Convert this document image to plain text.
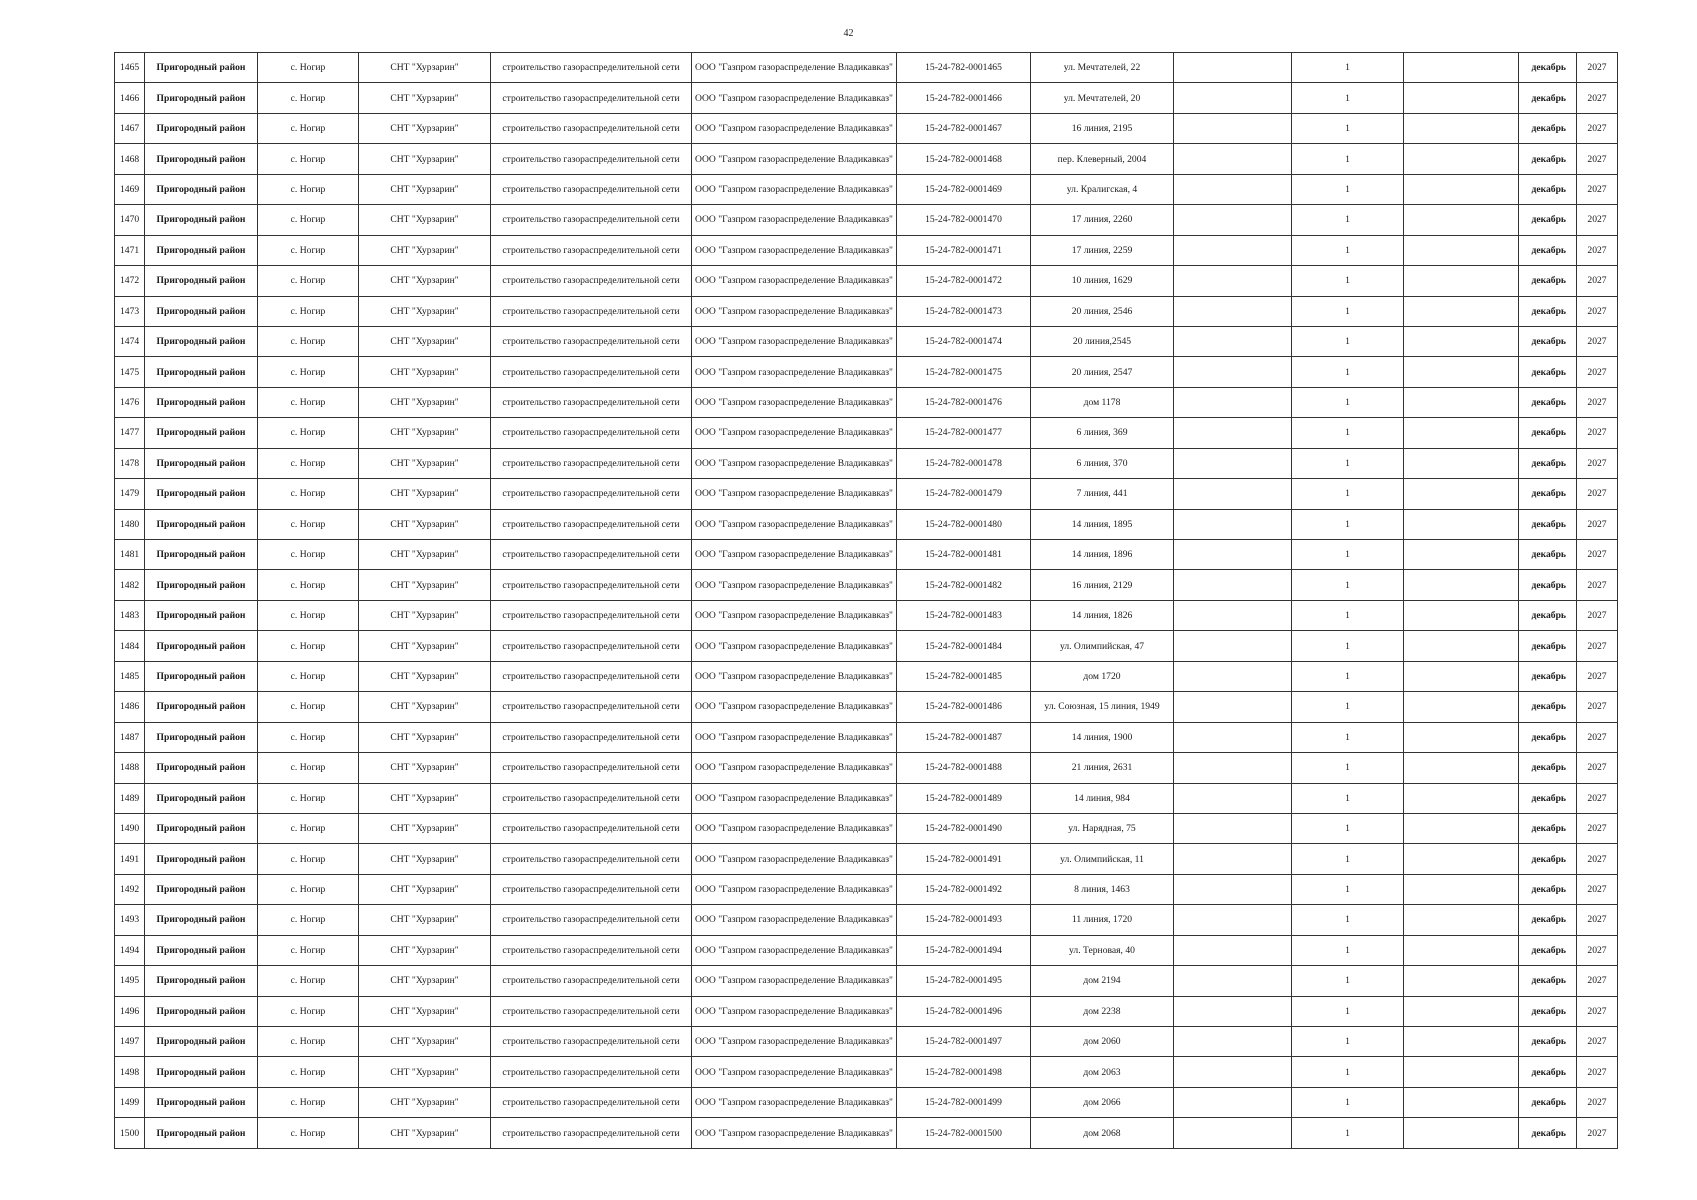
42
1465	Пригородный район	с. Ногир	СНТ "Хурзарин"	строительство газораспределительной сети	ООО "Газпром газораспределение Владикавказ"	15-24-782-0001465	ул. Мечтателей, 22		1		декабрь	2027
1466	Пригородный район	с. Ногир	СНТ "Хурзарин"	строительство газораспределительной сети	ООО "Газпром газораспределение Владикавказ"	15-24-782-0001466	ул. Мечтателей, 20		1		декабрь	2027
1467	Пригородный район	с. Ногир	СНТ "Хурзарин"	строительство газораспределительной сети	ООО "Газпром газораспределение Владикавказ"	15-24-782-0001467	16 линия, 2195		1		декабрь	2027
1468	Пригородный район	с. Ногир	СНТ "Хурзарин"	строительство газораспределительной сети	ООО "Газпром газораспределение Владикавказ"	15-24-782-0001468	пер. Клеверный, 2004		1		декабрь	2027
1469	Пригородный район	с. Ногир	СНТ "Хурзарин"	строительство газораспределительной сети	ООО "Газпром газораспределение Владикавказ"	15-24-782-0001469	ул. Кралигская, 4		1		декабрь	2027
1470	Пригородный район	с. Ногир	СНТ "Хурзарин"	строительство газораспределительной сети	ООО "Газпром газораспределение Владикавказ"	15-24-782-0001470	17 линия, 2260		1		декабрь	2027
1471	Пригородный район	с. Ногир	СНТ "Хурзарин"	строительство газораспределительной сети	ООО "Газпром газораспределение Владикавказ"	15-24-782-0001471	17 линия, 2259		1		декабрь	2027
1472	Пригородный район	с. Ногир	СНТ "Хурзарин"	строительство газораспределительной сети	ООО "Газпром газораспределение Владикавказ"	15-24-782-0001472	10 линия, 1629		1		декабрь	2027
1473	Пригородный район	с. Ногир	СНТ "Хурзарин"	строительство газораспределительной сети	ООО "Газпром газораспределение Владикавказ"	15-24-782-0001473	20 линия, 2546		1		декабрь	2027
1474	Пригородный район	с. Ногир	СНТ "Хурзарин"	строительство газораспределительной сети	ООО "Газпром газораспределение Владикавказ"	15-24-782-0001474	20 линия,2545		1		декабрь	2027
1475	Пригородный район	с. Ногир	СНТ "Хурзарин"	строительство газораспределительной сети	ООО "Газпром газораспределение Владикавказ"	15-24-782-0001475	20 линия, 2547		1		декабрь	2027
1476	Пригородный район	с. Ногир	СНТ "Хурзарин"	строительство газораспределительной сети	ООО "Газпром газораспределение Владикавказ"	15-24-782-0001476	дом 1178		1		декабрь	2027
1477	Пригородный район	с. Ногир	СНТ "Хурзарин"	строительство газораспределительной сети	ООО "Газпром газораспределение Владикавказ"	15-24-782-0001477	6 линия, 369		1		декабрь	2027
1478	Пригородный район	с. Ногир	СНТ "Хурзарин"	строительство газораспределительной сети	ООО "Газпром газораспределение Владикавказ"	15-24-782-0001478	6 линия, 370		1		декабрь	2027
1479	Пригородный район	с. Ногир	СНТ "Хурзарин"	строительство газораспределительной сети	ООО "Газпром газораспределение Владикавказ"	15-24-782-0001479	7 линия, 441		1		декабрь	2027
1480	Пригородный район	с. Ногир	СНТ "Хурзарин"	строительство газораспределительной сети	ООО "Газпром газораспределение Владикавказ"	15-24-782-0001480	14 линия, 1895		1		декабрь	2027
1481	Пригородный район	с. Ногир	СНТ "Хурзарин"	строительство газораспределительной сети	ООО "Газпром газораспределение Владикавказ"	15-24-782-0001481	14 линия, 1896		1		декабрь	2027
1482	Пригородный район	с. Ногир	СНТ "Хурзарин"	строительство газораспределительной сети	ООО "Газпром газораспределение Владикавказ"	15-24-782-0001482	16 линия, 2129		1		декабрь	2027
1483	Пригородный район	с. Ногир	СНТ "Хурзарин"	строительство газораспределительной сети	ООО "Газпром газораспределение Владикавказ"	15-24-782-0001483	14 линия, 1826		1		декабрь	2027
1484	Пригородный район	с. Ногир	СНТ "Хурзарин"	строительство газораспределительной сети	ООО "Газпром газораспределение Владикавказ"	15-24-782-0001484	ул. Олимпийская, 47		1		декабрь	2027
1485	Пригородный район	с. Ногир	СНТ "Хурзарин"	строительство газораспределительной сети	ООО "Газпром газораспределение Владикавказ"	15-24-782-0001485	дом 1720		1		декабрь	2027
1486	Пригородный район	с. Ногир	СНТ "Хурзарин"	строительство газораспределительной сети	ООО "Газпром газораспределение Владикавказ"	15-24-782-0001486	ул. Союзная, 15 линия, 1949		1		декабрь	2027
1487	Пригородный район	с. Ногир	СНТ "Хурзарин"	строительство газораспределительной сети	ООО "Газпром газораспределение Владикавказ"	15-24-782-0001487	14 линия, 1900		1		декабрь	2027
1488	Пригородный район	с. Ногир	СНТ "Хурзарин"	строительство газораспределительной сети	ООО "Газпром газораспределение Владикавказ"	15-24-782-0001488	21 линия, 2631		1		декабрь	2027
1489	Пригородный район	с. Ногир	СНТ "Хурзарин"	строительство газораспределительной сети	ООО "Газпром газораспределение Владикавказ"	15-24-782-0001489	14 линия, 984		1		декабрь	2027
1490	Пригородный район	с. Ногир	СНТ "Хурзарин"	строительство газораспределительной сети	ООО "Газпром газораспределение Владикавказ"	15-24-782-0001490	ул. Нарядная, 75		1		декабрь	2027
1491	Пригородный район	с. Ногир	СНТ "Хурзарин"	строительство газораспределительной сети	ООО "Газпром газораспределение Владикавказ"	15-24-782-0001491	ул. Олимпийская, 11		1		декабрь	2027
1492	Пригородный район	с. Ногир	СНТ "Хурзарин"	строительство газораспределительной сети	ООО "Газпром газораспределение Владикавказ"	15-24-782-0001492	8 линия, 1463		1		декабрь	2027
1493	Пригородный район	с. Ногир	СНТ "Хурзарин"	строительство газораспределительной сети	ООО "Газпром газораспределение Владикавказ"	15-24-782-0001493	11 линия, 1720		1		декабрь	2027
1494	Пригородный район	с. Ногир	СНТ "Хурзарин"	строительство газораспределительной сети	ООО "Газпром газораспределение Владикавказ"	15-24-782-0001494	ул. Терновая, 40		1		декабрь	2027
1495	Пригородный район	с. Ногир	СНТ "Хурзарин"	строительство газораспределительной сети	ООО "Газпром газораспределение Владикавказ"	15-24-782-0001495	дом 2194		1		декабрь	2027
1496	Пригородный район	с. Ногир	СНТ "Хурзарин"	строительство газораспределительной сети	ООО "Газпром газораспределение Владикавказ"	15-24-782-0001496	дом 2238		1		декабрь	2027
1497	Пригородный район	с. Ногир	СНТ "Хурзарин"	строительство газораспределительной сети	ООО "Газпром газораспределение Владикавказ"	15-24-782-0001497	дом 2060		1		декабрь	2027
1498	Пригородный район	с. Ногир	СНТ "Хурзарин"	строительство газораспределительной сети	ООО "Газпром газораспределение Владикавказ"	15-24-782-0001498	дом 2063		1		декабрь	2027
1499	Пригородный район	с. Ногир	СНТ "Хурзарин"	строительство газораспределительной сети	ООО "Газпром газораспределение Владикавказ"	15-24-782-0001499	дом 2066		1		декабрь	2027
1500	Пригородный район	с. Ногир	СНТ "Хурзарин"	строительство газораспределительной сети	ООО "Газпром газораспределение Владикавказ"	15-24-782-0001500	дом 2068		1		декабрь	2027
